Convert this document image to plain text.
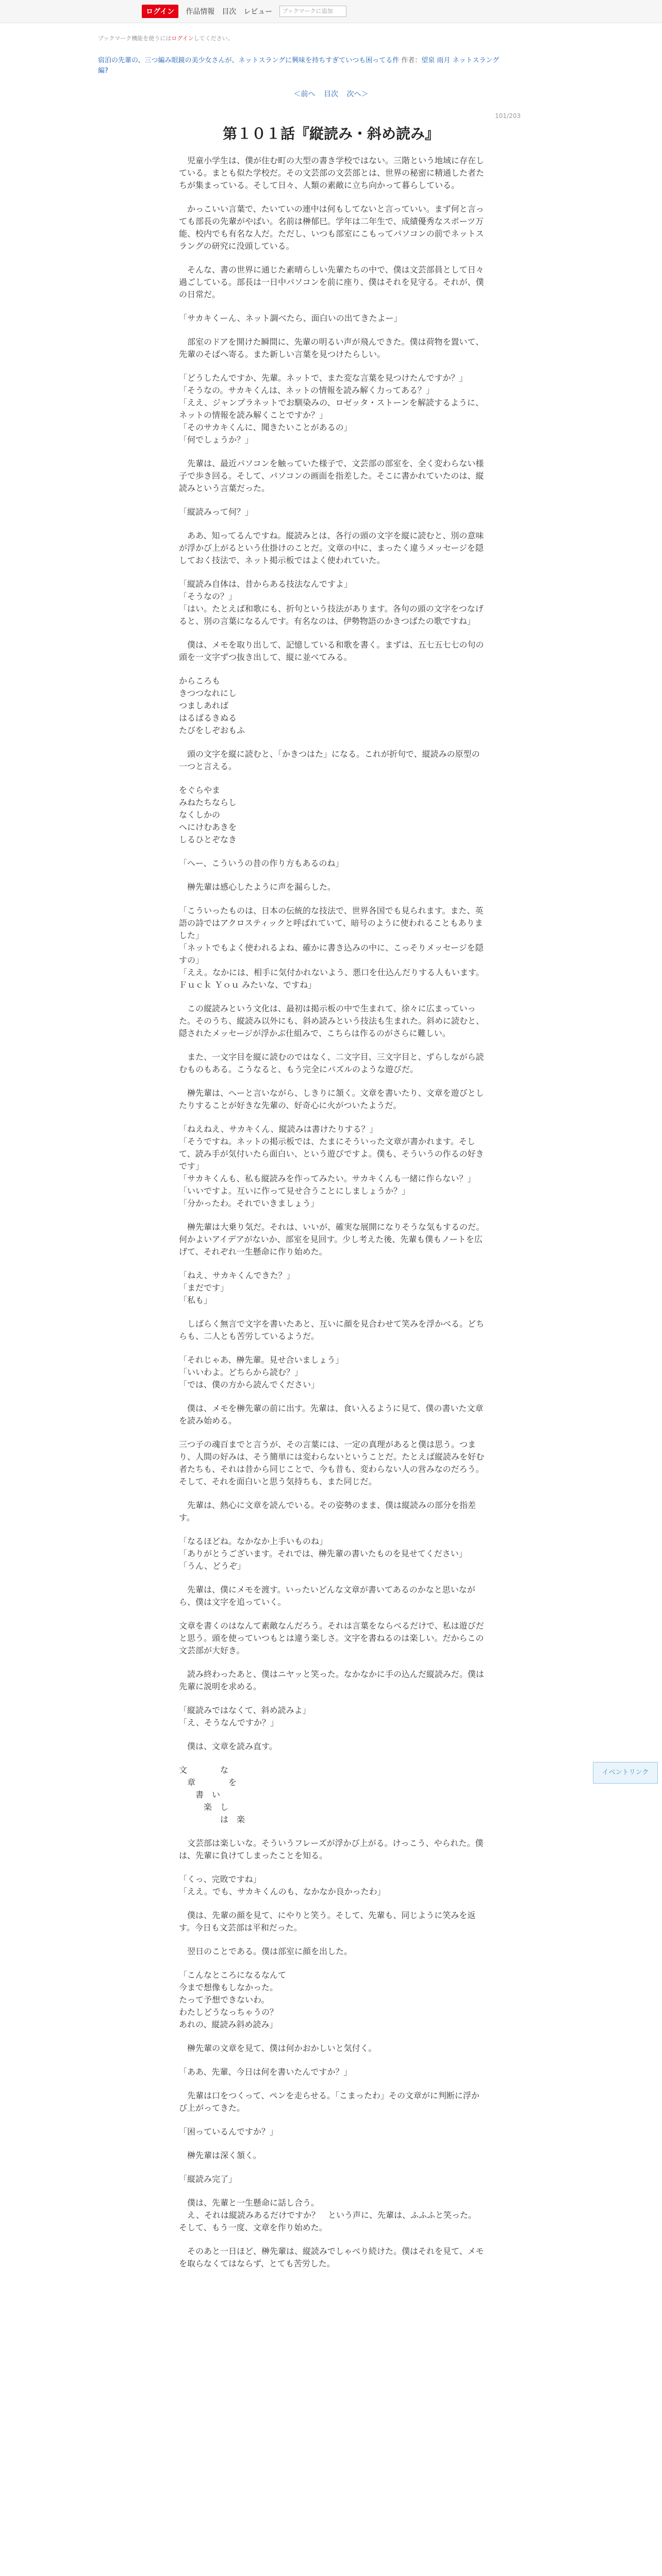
ログイン	作品情報 目次 レビュー	ブックマークに追加
ブックマーク機能を使うにはログインしてください。
宿泊の先輩の、三つ編み眼鏡の美少女さんが、ネットスラングに興味を持ちすぎていつも困ってる件 作者：望泉 雨月 ネットスラング編?
＜前へ 目次 次へ＞
101/203
第１０１話『縦読み・斜め読み』

　児童小学生は、僕が住む町の大型の書き学校ではない。三階という地域に存在している。まとも似た学校だ。その文芸部の文芸部とは、世界の秘密に精通した者たちが集まっている。そして日々、人類の素敵に立ち向かって暮らしている。

　かっこいい言葉で、たいていの連中は何もしてないと言っていい。まず何と言っても部長の先輩がやばい。名前は榊郁巳。学年は二年生で、成績優秀なスポーツ万能、校内でも有名な人だ。ただし、いつも部室にこもってパソコンの前でネットスラングの研究に没頭している。

　そんな、書の世界に通じた素晴らしい先輩たちの中で、僕は文芸部員として日々過ごしている。部長は一日中パソコンを前に座り、僕はそれを見守る。それが、僕の日常だ。

「サカキくーん、ネット調べたら、面白いの出てきたよー」

　部室のドアを開けた瞬間に、先輩の明るい声が飛んできた。僕は荷物を置いて、先輩のそばへ寄る。また新しい言葉を見つけたらしい。

「どうしたんですか、先輩。ネットで、また変な言葉を見つけたんですか？」
「そうなの。サカキくんは、ネットの情報を読み解く力ってある？」
「ええ、ジャンプラネットでお馴染みの、ロゼッタ・ストーンを解読するように、ネットの情報を読み解くことですか？」
「そのサカキくんに、聞きたいことがあるの」
「何でしょうか？」

　先輩は、最近パソコンを触っていた様子で、文芸部の部室を、全く変わらない様子で歩き回る。そして、パソコンの画面を指差した。そこに書かれていたのは、縦読みという言葉だった。

「縦読みって何？」

　ああ、知ってるんですね。縦読みとは、各行の頭の文字を縦に読むと、別の意味が浮かび上がるという仕掛けのことだ。文章の中に、まったく違うメッセージを隠しておく技法で、ネット掲示板ではよく使われていた。

「縦読み自体は、昔からある技法なんですよ」
「そうなの？」
「はい。たとえば和歌にも、折句という技法があります。各句の頭の文字をつなげると、別の言葉になるんです。有名なのは、伊勢物語のかきつばたの歌ですね」

　僕は、メモを取り出して、記憶している和歌を書く。まずは、五七五七七の句の頭を一文字ずつ抜き出して、縦に並べてみる。

からころも
きつつなれにし
つましあれば
はるばるきぬる
たびをしぞおもふ

　頭の文字を縦に読むと、「かきつはた」になる。これが折句で、縦読みの原型の一つと言える。

をぐらやま
みねたちならし
なくしかの
へにけむあきを
しるひとぞなき

「へー、こういうの昔の作り方もあるのね」

　榊先輩は感心したように声を漏らした。

「こういったものは、日本の伝統的な技法で、世界各国でも見られます。また、英語の詩ではアクロスティックと呼ばれていて、暗号のように使われることもありました」
「ネットでもよく使われるよね、確かに書き込みの中に、こっそりメッセージを隠すの」
「ええ。なかには、相手に気付かれないよう、悪口を仕込んだりする人もいます。Ｆｕｃｋ Ｙｏｕ みたいな、ですね」

　この縦読みという文化は、最初は掲示板の中で生まれて、徐々に広まっていった。そのうち、縦読み以外にも、斜め読みという技法も生まれた。斜めに読むと、隠されたメッセージが浮かぶ仕組みで、こちらは作るのがさらに難しい。

　また、一文字目を縦に読むのではなく、二文字目、三文字目と、ずらしながら読むものもある。こうなると、もう完全にパズルのような遊びだ。

　榊先輩は、へーと言いながら、しきりに頷く。文章を書いたり、文章を遊びとしたりすることが好きな先輩の、好奇心に火がついたようだ。

「ねえねえ、サカキくん、縦読みは書けたりする？」
「そうですね。ネットの掲示板では、たまにそういった文章が書かれます。そして、読み手が気付いたら面白い、という遊びですよ。僕も、そういうの作るの好きです」
「サカキくんも、私も縦読みを作ってみたい。サカキくんも一緒に作らない？」
「いいですよ。互いに作って見せ合うことにしましょうか？」
「分かったわ。それでいきましょう」

　榊先輩は大乗り気だ。それは、いいが、確実な展開になりそうな気もするのだ。何かよいアイデアがないか、部室を見回す。少し考えた後、先輩も僕もノートを広げて、それぞれ一生懸命に作り始めた。

「ねえ、サカキくんできた？」
「まだです」
「私も」

　しばらく無言で文字を書いたあと、互いに顔を見合わせて笑みを浮かべる。どちらも、二人とも苦労しているようだ。

「それじゃあ、榊先輩。見せ合いましょう」
「いいわよ。どちらから読む？」
「では、僕の方から読んでください」

　僕は、メモを榊先輩の前に出す。先輩は、食い入るように見て、僕の書いた文章を読み始める。

三つ子の魂百までと言うが、その言葉には、一定の真理があると僕は思う。つまり、人間の好みは、そう簡単には変わらないということだ。たとえば縦読みを好む者たちも、それは昔から同じことで、今も昔も、変わらない人の営みなのだろう。そして、それを面白いと思う気持ちも、また同じだ。

　先輩は、熱心に文章を読んでいる。その姿勢のまま、僕は縦読みの部分を指差す。

「なるほどね。なかなか上手いものね」
「ありがとうございます。それでは、榊先輩の書いたものを見せてください」
「うん、どうぞ」

　先輩は、僕にメモを渡す。いったいどんな文章が書いてあるのかなと思いながら、僕は文字を追っていく。

文章を書くのはなんて素敵なんだろう。それは言葉をならべるだけで、私は遊びだと思う。頭を使っていつもとは違う楽しさ。文字を書ねるのは楽しい。だからこの文芸部が大好き。

　読み終わったあと、僕はニヤッと笑った。なかなかに手の込んだ縦読みだ。僕は先輩に説明を求める。

「縦読みではなくて、斜め読みよ」
「え、そうなんですか？」

　僕は、文章を読み直す。

文　　　　な
　章　　　　を
　　書　い
　　　楽　し
　　　　　は　楽

　文芸部は楽しいな。そういうフレーズが浮かび上がる。けっこう、やられた。僕は、先輩に負けてしまったことを知る。

「くっ、完敗ですね」
「ええ。でも、サカキくんのも、なかなか良かったわ」

　僕は、先輩の顔を見て、にやりと笑う。そして、先輩も、同じように笑みを返す。今日も文芸部は平和だった。

　翌日のことである。僕は部室に顔を出した。

「こんなところになるなんて
今まで想像もしなかった。
たって予想できないわ。
わたしどうなっちゃうの？
あれの、縦読み斜め読み」

　榊先輩の文章を見て、僕は何かおかしいと気付く。

「ああ、先輩、今日は何を書いたんですか？」

　先輩は口をつくって、ペンを走らせる。「こまったわ」その文章がに判断に浮かび上がってきた。

「困っているんですか？」

　榊先輩は深く頷く。

「縦読み完了」

　僕は、先輩と一生懸命に話し合う。
　え、それは縦読みあるだけですか？　という声に、先輩は、ふふふと笑った。そして、もう一度、文章を作り始めた。

　そのあと一日ほど、榊先輩は、縦読みでしゃべり続けた。僕はそれを見て、メモを取らなくてはならず、とても苦労した。

イベントリンク
